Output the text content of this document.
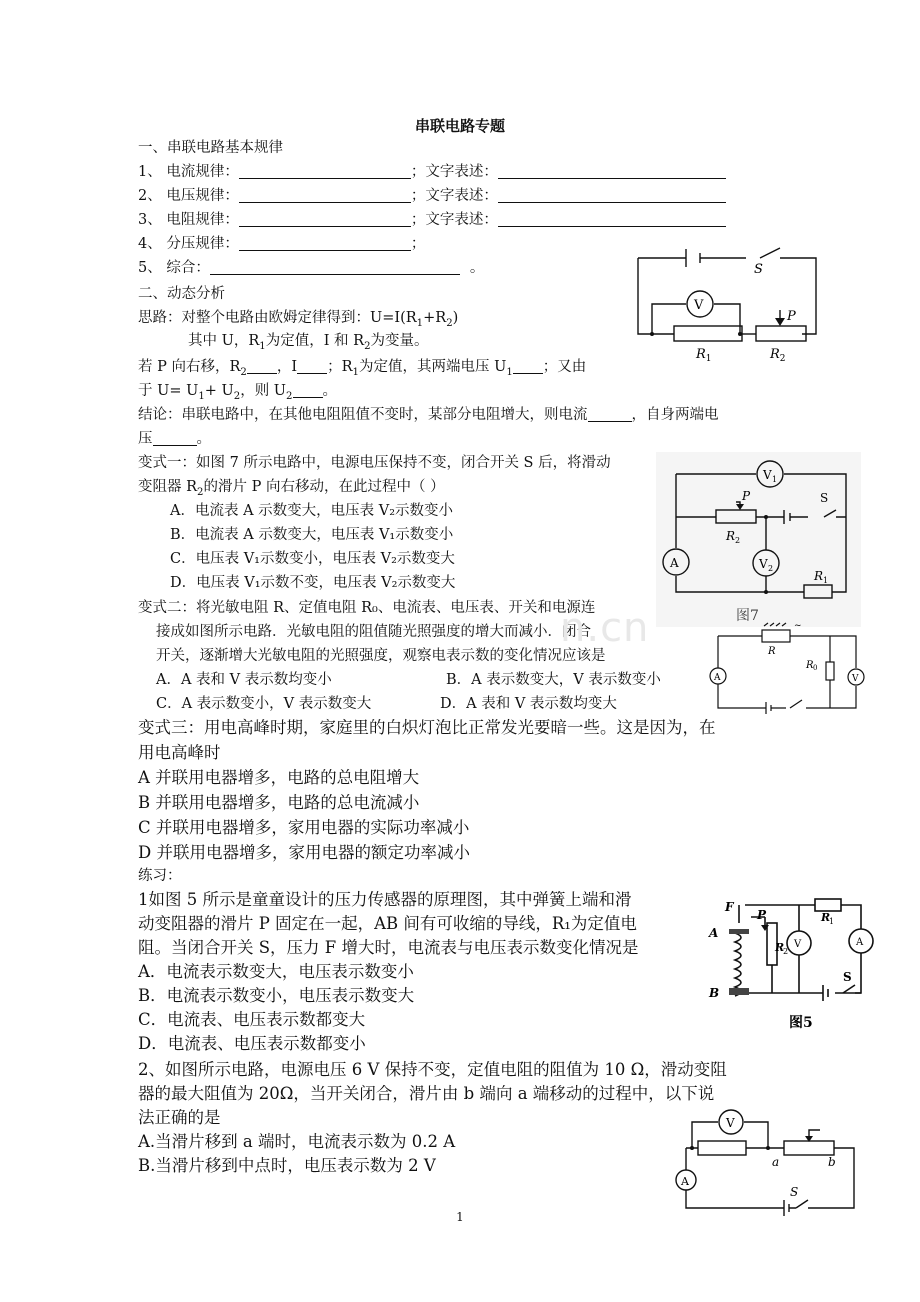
串联电路专题
一、串联电路基本规律
1、 电流规律：	；文字表述：
2、 电压规律：	；文字表述：
3、 电阻规律：	；文字表述：
4、 分压规律：	；
5、 综合：	。	S
V
P
$R_1$	$R_2$
二、动态分析
思路：对整个电路由欧姆定律得到：$U=I(R_1+R_2)$
其中 U，$R_1$为定值，I 和 $R_2$为变量。
若 P 向右移，$R_2$ ，I ；$R_1$为定值，其两端电压 $U_1$ ；又由
于 $U= U_1+ U_2$，则 $U_2$ 。
结论：串联电路中，在其他电阻阻值不变时，某部分电阻增大，则电流	，自身两端电
压	。
变式一：如图 7 所示电路中，电源电压保持不变，闭合开关 S 后，将滑动
变阻器 $R_2$的滑片 P 向右移动，在此过程中（ ）
A．电流表 A 示数变大，电压表 V₂示数变小
B．电流表 A 示数变大，电压表 V₁示数变小
C．电压表 V₁示数变小，电压表 V₂示数变大
D．电压表 V₁示数不变，电压表 V₂示数变大
V 1
A	V 2
P
R 2
S
R 1
图7
变式二：将光敏电阻 R、定值电阻 R₀、电流表、电压表、开关和电源连
接成如图所示电路．光敏电阻的阻值随光照强度的增大而减小．闭合
开关，逐渐增大光敏电阻的光照强度，观察电表示数的变化情况应该是
A．A 表和 V 表示数均变小	B．A 表示数变大，V 表示数变小
C．A 表示数变小，V 表示数变大	D．A 表和 V 表示数均变大
n.cn	~
R
R 0
A	V
变式三：用电高峰时期，家庭里的白炽灯泡比正常发光要暗一些。这是因为，在
用电高峰时
A 并联用电器增多，电路的总电阻增大
B 并联用电器增多，电路的总电流减小
C 并联用电器增多，家用电器的实际功率减小
D 并联用电器增多，家用电器的额定功率减小
练习：
1如图 5 所示是童童设计的压力传感器的原理图，其中弹簧上端和滑
动变阻器的滑片 P 固定在一起，AB 间有可收缩的导线，R₁为定值电
阻。当闭合开关 S，压力 F 增大时，电流表与电压表示数变化情况是
A．电流表示数变大，电压表示数变小
B．电流表示数变小，电压表示数变大
C．电流表、电压表示数都变大
D．电流表、电压表示数都变小
F
A
B
P
R
2
R
1
V	A
S
图5
2、如图所示电路，电源电压 6 V 保持不变，定值电阻的阻值为 10 Ω，滑动变阻
器的最大阻值为 20Ω，当开关闭合，滑片由 b 端向 a 端移动的过程中，以下说
法正确的是
A.当滑片移到 a 端时，电流表示数为 0.2 A
B.当滑片移到中点时，电压表示数为 2 V
V
A
a	b
S
1
